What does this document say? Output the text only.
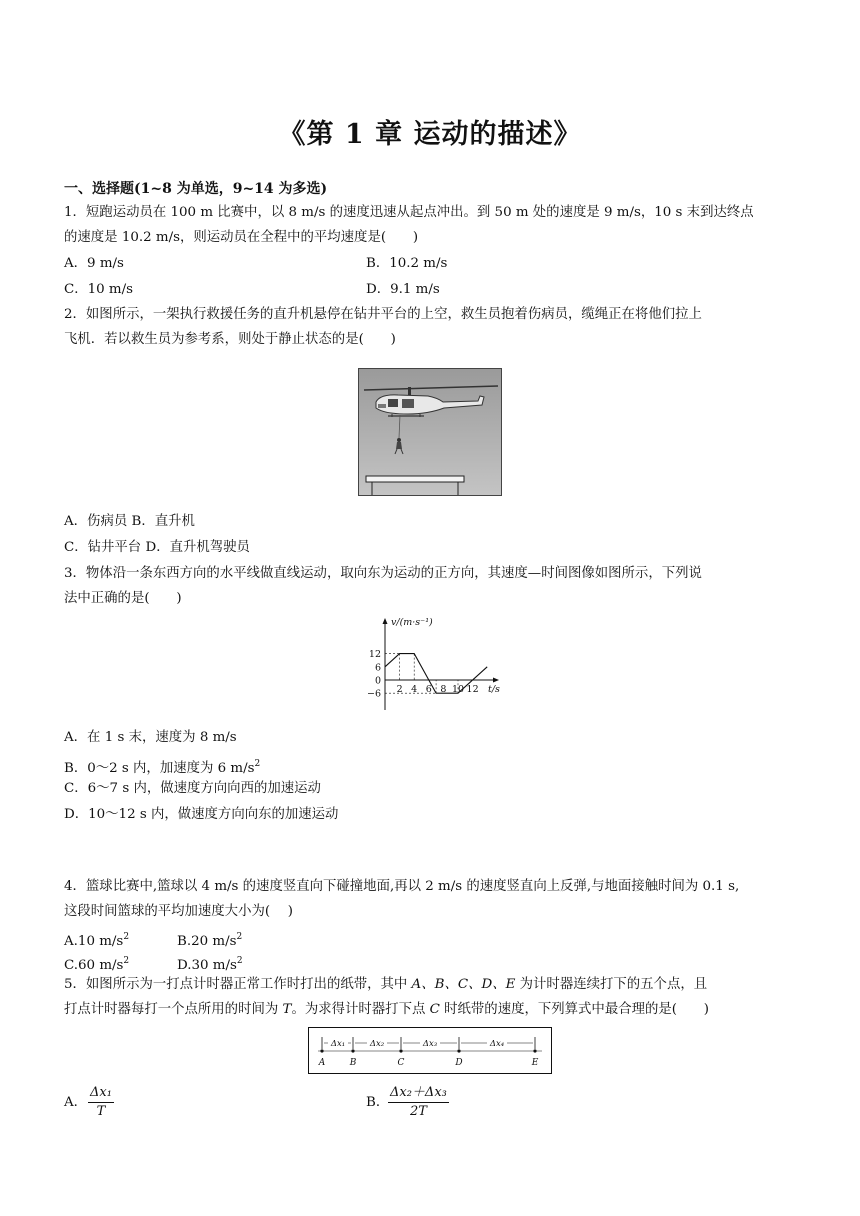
《第 1 章 运动的描述》
一、选择题(1~8 为单选，9~14 为多选)
1．短跑运动员在 100 m 比赛中，以 8 m/s 的速度迅速从起点冲出。到 50 m 处的速度是 9 m/s，10 s 末到达终点
的速度是 10.2 m/s，则运动员在全程中的平均速度是(　　)
A．9 m/s	B．10.2 m/s
C．10 m/s	D．9.1 m/s
2．如图所示，一架执行救援任务的直升机悬停在钻井平台的上空，救生员抱着伤病员，缆绳正在将他们拉上
飞机．若以救生员为参考系，则处于静止状态的是(　　)
A．伤病员 B．直升机
C．钻井平台 D．直升机驾驶员
3．物体沿一条东西方向的水平线做直线运动，取向东为运动的正方向，其速度—时间图像如图所示，下列说
法中正确的是(　　)
v/(m·s⁻¹)
t/s
12
6
0
−6 2 4 6 8 10 12
A．在 1 s 末，速度为 8 m/s
B．0～2 s 内，加速度为 6 $m/s^2$
C．6～7 s 内，做速度方向向西的加速运动
D．10～12 s 内，做速度方向向东的加速运动
4．篮球比赛中,篮球以 4 m/s 的速度竖直向下碰撞地面,再以 2 m/s 的速度竖直向上反弹,与地面接触时间为 0.1 s,
这段时间篮球的平均加速度大小为(　 )
A.10 $m/s^2$	B.20 $m/s^2$
C.60 $m/s^2$	D.30 $m/s^2$
5．如图所示为一打点计时器正常工作时打出的纸带，其中 A、B、C、D、E 为计时器连续打下的五个点，且
打点计时器每打一个点所用的时间为 T。为求得计时器打下点 C 时纸带的速度，下列算式中最合理的是(　　)
Δx₁	Δx₂	Δx₃	Δx₄
A	B	C	D	E
A． $\frac{\text{Δx₁}}{T}$	B．
$\frac{\text{Δx₂＋Δx₃}}{2T}$
